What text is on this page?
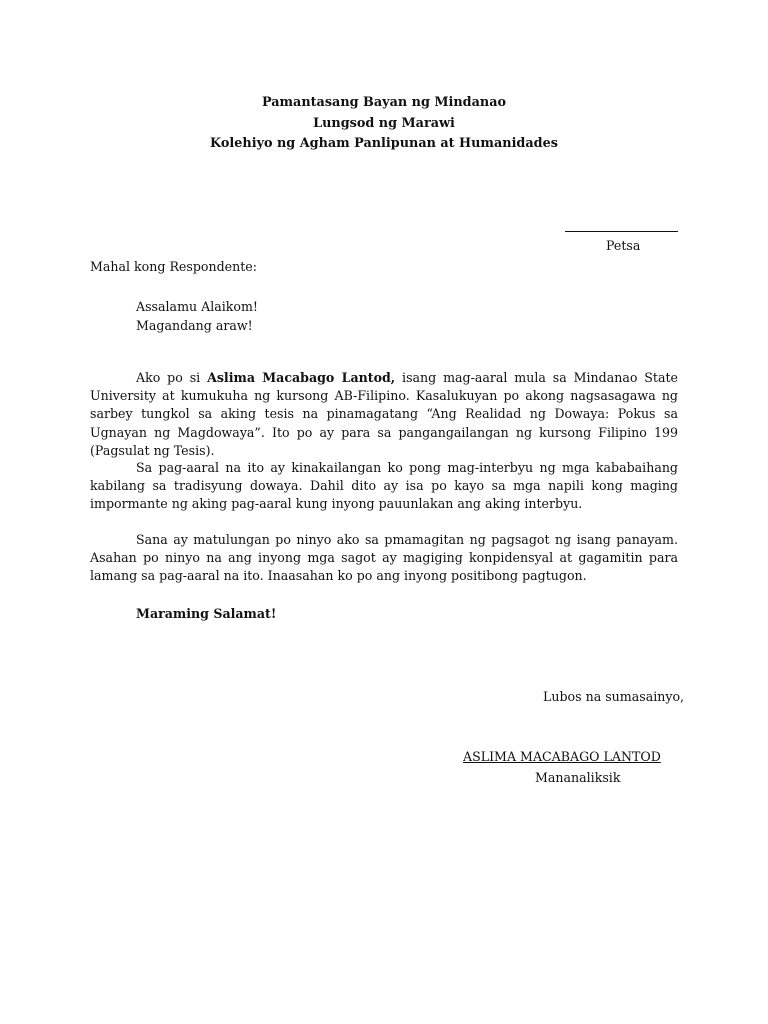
Pamantasang Bayan ng Mindanao
Lungsod ng Marawi
Kolehiyo ng Agham Panlipunan at Humanidades
Petsa
Mahal kong Respondente:
Assalamu Alaikom!
Magandang araw!

Ako po si Aslima Macabago Lantod, isang mag-aaral mula sa Mindanao State University at kumukuha ng kursong AB-Filipino. Kasalukuyan po akong nagsasagawa ng sarbey tungkol sa aking tesis na pinamagatang “Ang Realidad ng Dowaya: Pokus sa Ugnayan ng Magdowaya”. Ito po ay para sa pangangailangan ng kursong Filipino 199 (Pagsulat ng Tesis).

Sa pag-aaral na ito ay kinakailangan ko pong mag-interbyu ng mga kababaihang kabilang sa tradisyung dowaya. Dahil dito ay isa po kayo sa mga napili kong maging impormante ng aking pag-aaral kung inyong pauunlakan ang aking interbyu.

Sana ay matulungan po ninyo ako sa pmamagitan ng pagsagot ng isang panayam. Asahan po ninyo na ang inyong mga sagot ay magiging konpidensyal at gagamitin para lamang sa pag-aaral na ito. Inaasahan ko po ang inyong positibong pagtugon.

Maraming Salamat!
Lubos na sumasainyo,
ASLIMA MACABAGO LANTOD
Mananaliksik
